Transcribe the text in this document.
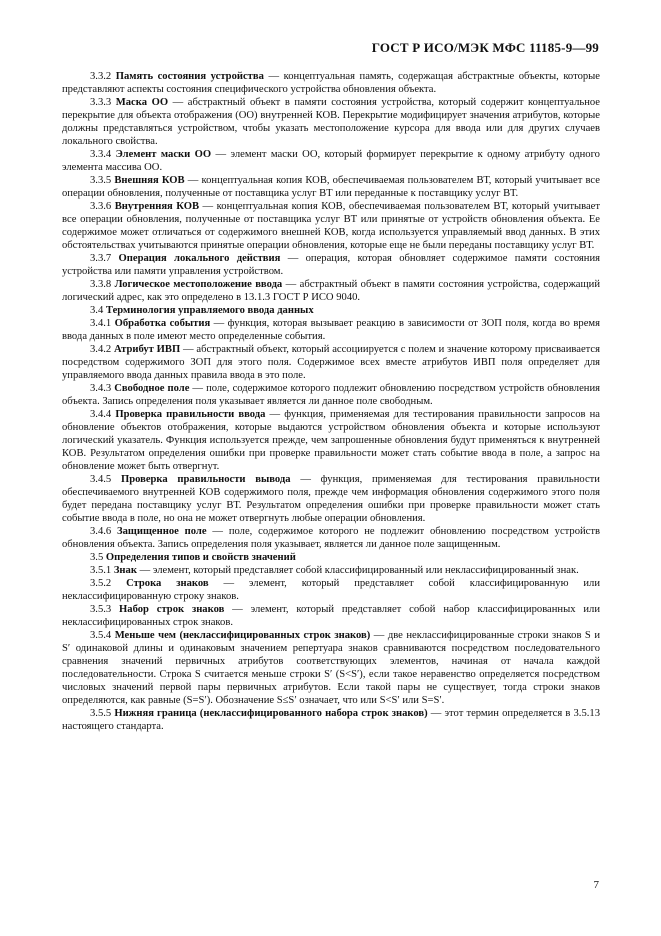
ГОСТ Р ИСО/МЭК МФС 11185-9—99

3.3.2 Память состояния устройства — концептуальная память, содержащая абстрактные объекты, которые представляют аспекты состояния специфического устройства обновления объекта.

3.3.3 Маска ОО — абстрактный объект в памяти состояния устройства, который содержит концептуальное перекрытие для объекта отображения (ОО) внутренней КОВ. Перекрытие модифицирует значения атрибутов, которые должны представляться устройством, чтобы указать местоположение курсора для ввода или для других случаев локального свойства.

3.3.4 Элемент маски ОО — элемент маски ОО, который формирует перекрытие к одному атрибуту одного элемента массива ОО.

3.3.5 Внешняя КОВ — концептуальная копия КОВ, обеспечиваемая пользователем ВТ, который учитывает все операции обновления, полученные от поставщика услуг ВТ или переданные к поставщику услуг ВТ.

3.3.6 Внутренняя КОВ — концептуальная копия КОВ, обеспечиваемая пользователем ВТ, который учитывает все операции обновления, полученные от поставщика услуг ВТ или принятые от устройств обновления объекта. Ее содержимое может отличаться от содержимого внешней КОВ, когда используется управляемый ввод данных. В этих обстоятельствах учитываются принятые операции обновления, которые еще не были переданы поставщику услуг ВТ.

3.3.7 Операция локального действия — операция, которая обновляет содержимое памяти состояния устройства или памяти управления устройством.

3.3.8 Логическое местоположение ввода — абстрактный объект в памяти состояния устройства, содержащий логический адрес, как это определено в 13.1.3 ГОСТ Р ИСО 9040.

3.4 Терминология управляемого ввода данных

3.4.1 Обработка события — функция, которая вызывает реакцию в зависимости от ЗОП поля, когда во время ввода данных в поле имеют место определенные события.

3.4.2 Атрибут ИВП — абстрактный объект, который ассоциируется с полем и значение которому присваивается посредством содержимого ЗОП для этого поля. Содержимое всех вместе атрибутов ИВП поля определяет для управляемого ввода данных правила ввода в это поле.

3.4.3 Свободное поле — поле, содержимое которого подлежит обновлению посредством устройств обновления объекта. Запись определения поля указывает является ли данное поле свободным.

3.4.4 Проверка правильности ввода — функция, применяемая для тестирования правильности запросов на обновление объектов отображения, которые выдаются устройством обновления объекта и которые используют логический указатель. Функция используется прежде, чем запрошенные обновления будут применяться к внутренней КОВ. Результатом определения ошибки при проверке правильности может стать событие ввода в поле, а запрос на обновление может быть отвергнут.

3.4.5 Проверка правильности вывода — функция, применяемая для тестирования правильности обеспечиваемого внутренней КОВ содержимого поля, прежде чем информация обновления содержимого этого поля будет передана поставщику услуг ВТ. Результатом определения ошибки при проверке правильности может стать событие ввода в поле, но она не может отвергнуть любые операции обновления.

3.4.6 Защищенное поле — поле, содержимое которого не подлежит обновлению посредством устройств обновления объекта. Запись определения поля указывает, является ли данное поле защищенным.

3.5 Определения типов и свойств значений

3.5.1 Знак — элемент, который представляет собой классифицированный или неклассифицированный знак.

3.5.2 Строка знаков — элемент, который представляет собой классифицированную или неклассифицированную строку знаков.

3.5.3 Набор строк знаков — элемент, который представляет собой набор классифицированных или неклассифицированных строк знаков.

3.5.4 Меньше чем (неклассифицированных строк знаков) — две неклассифицированные строки знаков S и S′ одинаковой длины и одинаковым значением репертуара знаков сравниваются посредством последовательного сравнения значений первичных атрибутов соответствующих элементов, начиная от начала каждой последовательности. Строка S считается меньше строки S′ (S<S′), если такое неравенство определяется посредством числовых значений первой пары первичных атрибутов. Если такой пары не существует, тогда строки знаков определяются, как равные (S=S′). Обозначение S≤S′ означает, что или S<S′ или S=S′.

3.5.5 Нижняя граница (неклассифицированного набора строк знаков) — этот термин определяется в 3.5.13 настоящего стандарта.

7
